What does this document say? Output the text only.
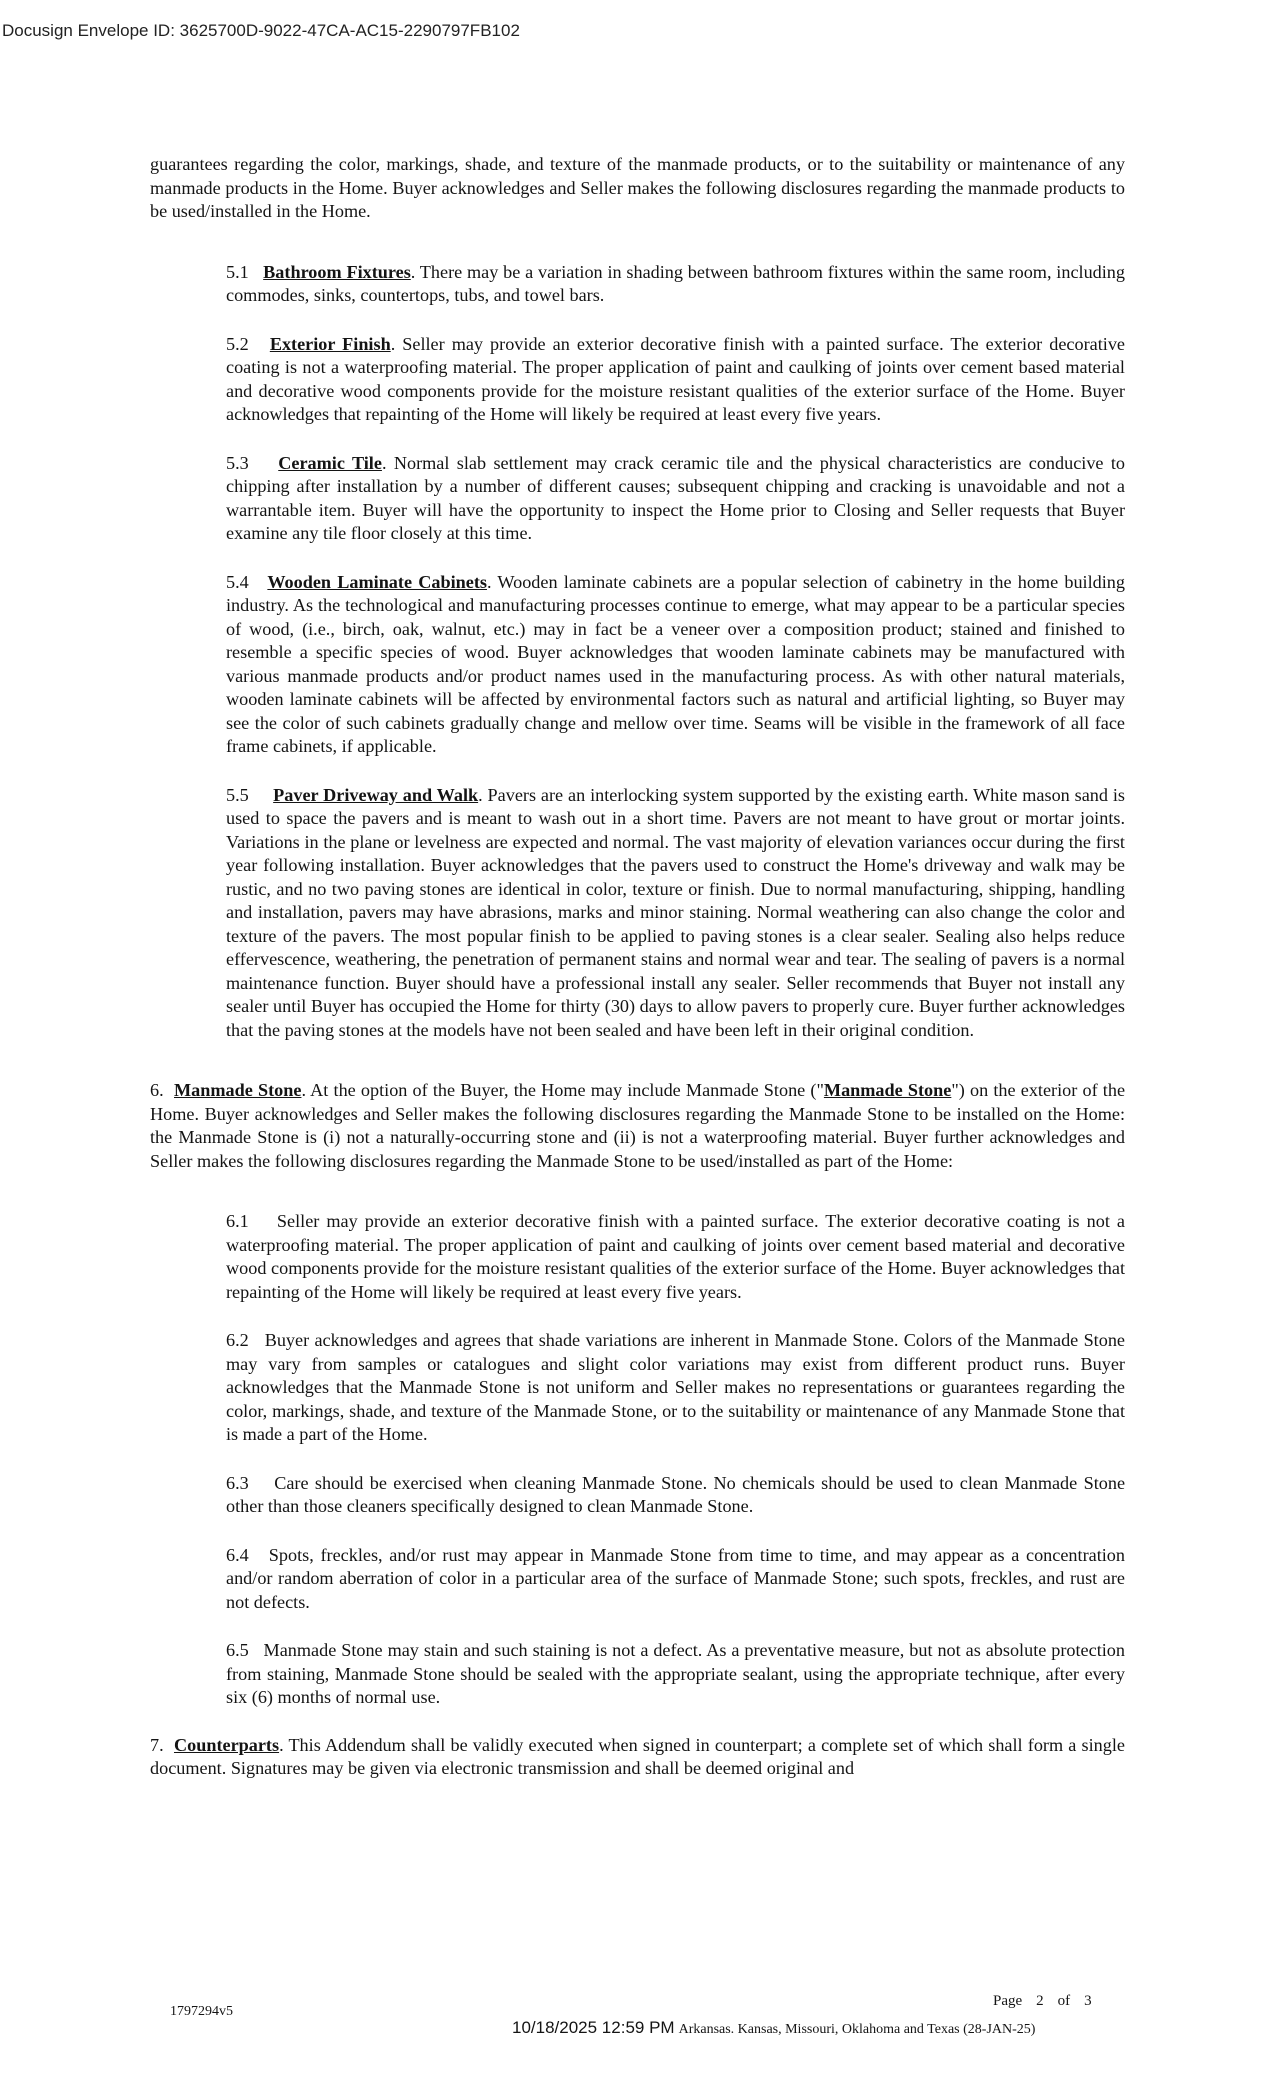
Docusign Envelope ID: 3625700D-9022-47CA-AC15-2290797FB102

guarantees regarding the color, markings, shade, and texture of the manmade products, or to the suitability or maintenance of any manmade products in the Home. Buyer acknowledges and Seller makes the following disclosures regarding the manmade products to be used/installed in the Home.

5.1 Bathroom Fixtures. There may be a variation in shading between bathroom fixtures within the same room, including commodes, sinks, countertops, tubs, and towel bars.

5.2 Exterior Finish. Seller may provide an exterior decorative finish with a painted surface. The exterior decorative coating is not a waterproofing material. The proper application of paint and caulking of joints over cement based material and decorative wood components provide for the moisture resistant qualities of the exterior surface of the Home. Buyer acknowledges that repainting of the Home will likely be required at least every five years.

5.3 Ceramic Tile. Normal slab settlement may crack ceramic tile and the physical characteristics are conducive to chipping after installation by a number of different causes; subsequent chipping and cracking is unavoidable and not a warrantable item. Buyer will have the opportunity to inspect the Home prior to Closing and Seller requests that Buyer examine any tile floor closely at this time.

5.4 Wooden Laminate Cabinets. Wooden laminate cabinets are a popular selection of cabinetry in the home building industry. As the technological and manufacturing processes continue to emerge, what may appear to be a particular species of wood, (i.e., birch, oak, walnut, etc.) may in fact be a veneer over a composition product; stained and finished to resemble a specific species of wood. Buyer acknowledges that wooden laminate cabinets may be manufactured with various manmade products and/or product names used in the manufacturing process. As with other natural materials, wooden laminate cabinets will be affected by environmental factors such as natural and artificial lighting, so Buyer may see the color of such cabinets gradually change and mellow over time. Seams will be visible in the framework of all face frame cabinets, if applicable.

5.5 Paver Driveway and Walk. Pavers are an interlocking system supported by the existing earth. White mason sand is used to space the pavers and is meant to wash out in a short time. Pavers are not meant to have grout or mortar joints. Variations in the plane or levelness are expected and normal. The vast majority of elevation variances occur during the first year following installation. Buyer acknowledges that the pavers used to construct the Home's driveway and walk may be rustic, and no two paving stones are identical in color, texture or finish. Due to normal manufacturing, shipping, handling and installation, pavers may have abrasions, marks and minor staining. Normal weathering can also change the color and texture of the pavers. The most popular finish to be applied to paving stones is a clear sealer. Sealing also helps reduce effervescence, weathering, the penetration of permanent stains and normal wear and tear. The sealing of pavers is a normal maintenance function. Buyer should have a professional install any sealer. Seller recommends that Buyer not install any sealer until Buyer has occupied the Home for thirty (30) days to allow pavers to properly cure. Buyer further acknowledges that the paving stones at the models have not been sealed and have been left in their original condition.

6. Manmade Stone. At the option of the Buyer, the Home may include Manmade Stone ("Manmade Stone") on the exterior of the Home. Buyer acknowledges and Seller makes the following disclosures regarding the Manmade Stone to be installed on the Home: the Manmade Stone is (i) not a naturally-occurring stone and (ii) is not a waterproofing material. Buyer further acknowledges and Seller makes the following disclosures regarding the Manmade Stone to be used/installed as part of the Home:

6.1 Seller may provide an exterior decorative finish with a painted surface. The exterior decorative coating is not a waterproofing material. The proper application of paint and caulking of joints over cement based material and decorative wood components provide for the moisture resistant qualities of the exterior surface of the Home. Buyer acknowledges that repainting of the Home will likely be required at least every five years.

6.2 Buyer acknowledges and agrees that shade variations are inherent in Manmade Stone. Colors of the Manmade Stone may vary from samples or catalogues and slight color variations may exist from different product runs. Buyer acknowledges that the Manmade Stone is not uniform and Seller makes no representations or guarantees regarding the color, markings, shade, and texture of the Manmade Stone, or to the suitability or maintenance of any Manmade Stone that is made a part of the Home.

6.3 Care should be exercised when cleaning Manmade Stone. No chemicals should be used to clean Manmade Stone other than those cleaners specifically designed to clean Manmade Stone.

6.4 Spots, freckles, and/or rust may appear in Manmade Stone from time to time, and may appear as a concentration and/or random aberration of color in a particular area of the surface of Manmade Stone; such spots, freckles, and rust are not defects.

6.5 Manmade Stone may stain and such staining is not a defect. As a preventative measure, but not as absolute protection from staining, Manmade Stone should be sealed with the appropriate sealant, using the appropriate technique, after every six (6) months of normal use.

7. Counterparts. This Addendum shall be validly executed when signed in counterpart; a complete set of which shall form a single document. Signatures may be given via electronic transmission and shall be deemed original and

1797294v5
Page 2 of 3
10/18/2025 12:59 PM Arkansas. Kansas, Missouri, Oklahoma and Texas (28-JAN-25)
